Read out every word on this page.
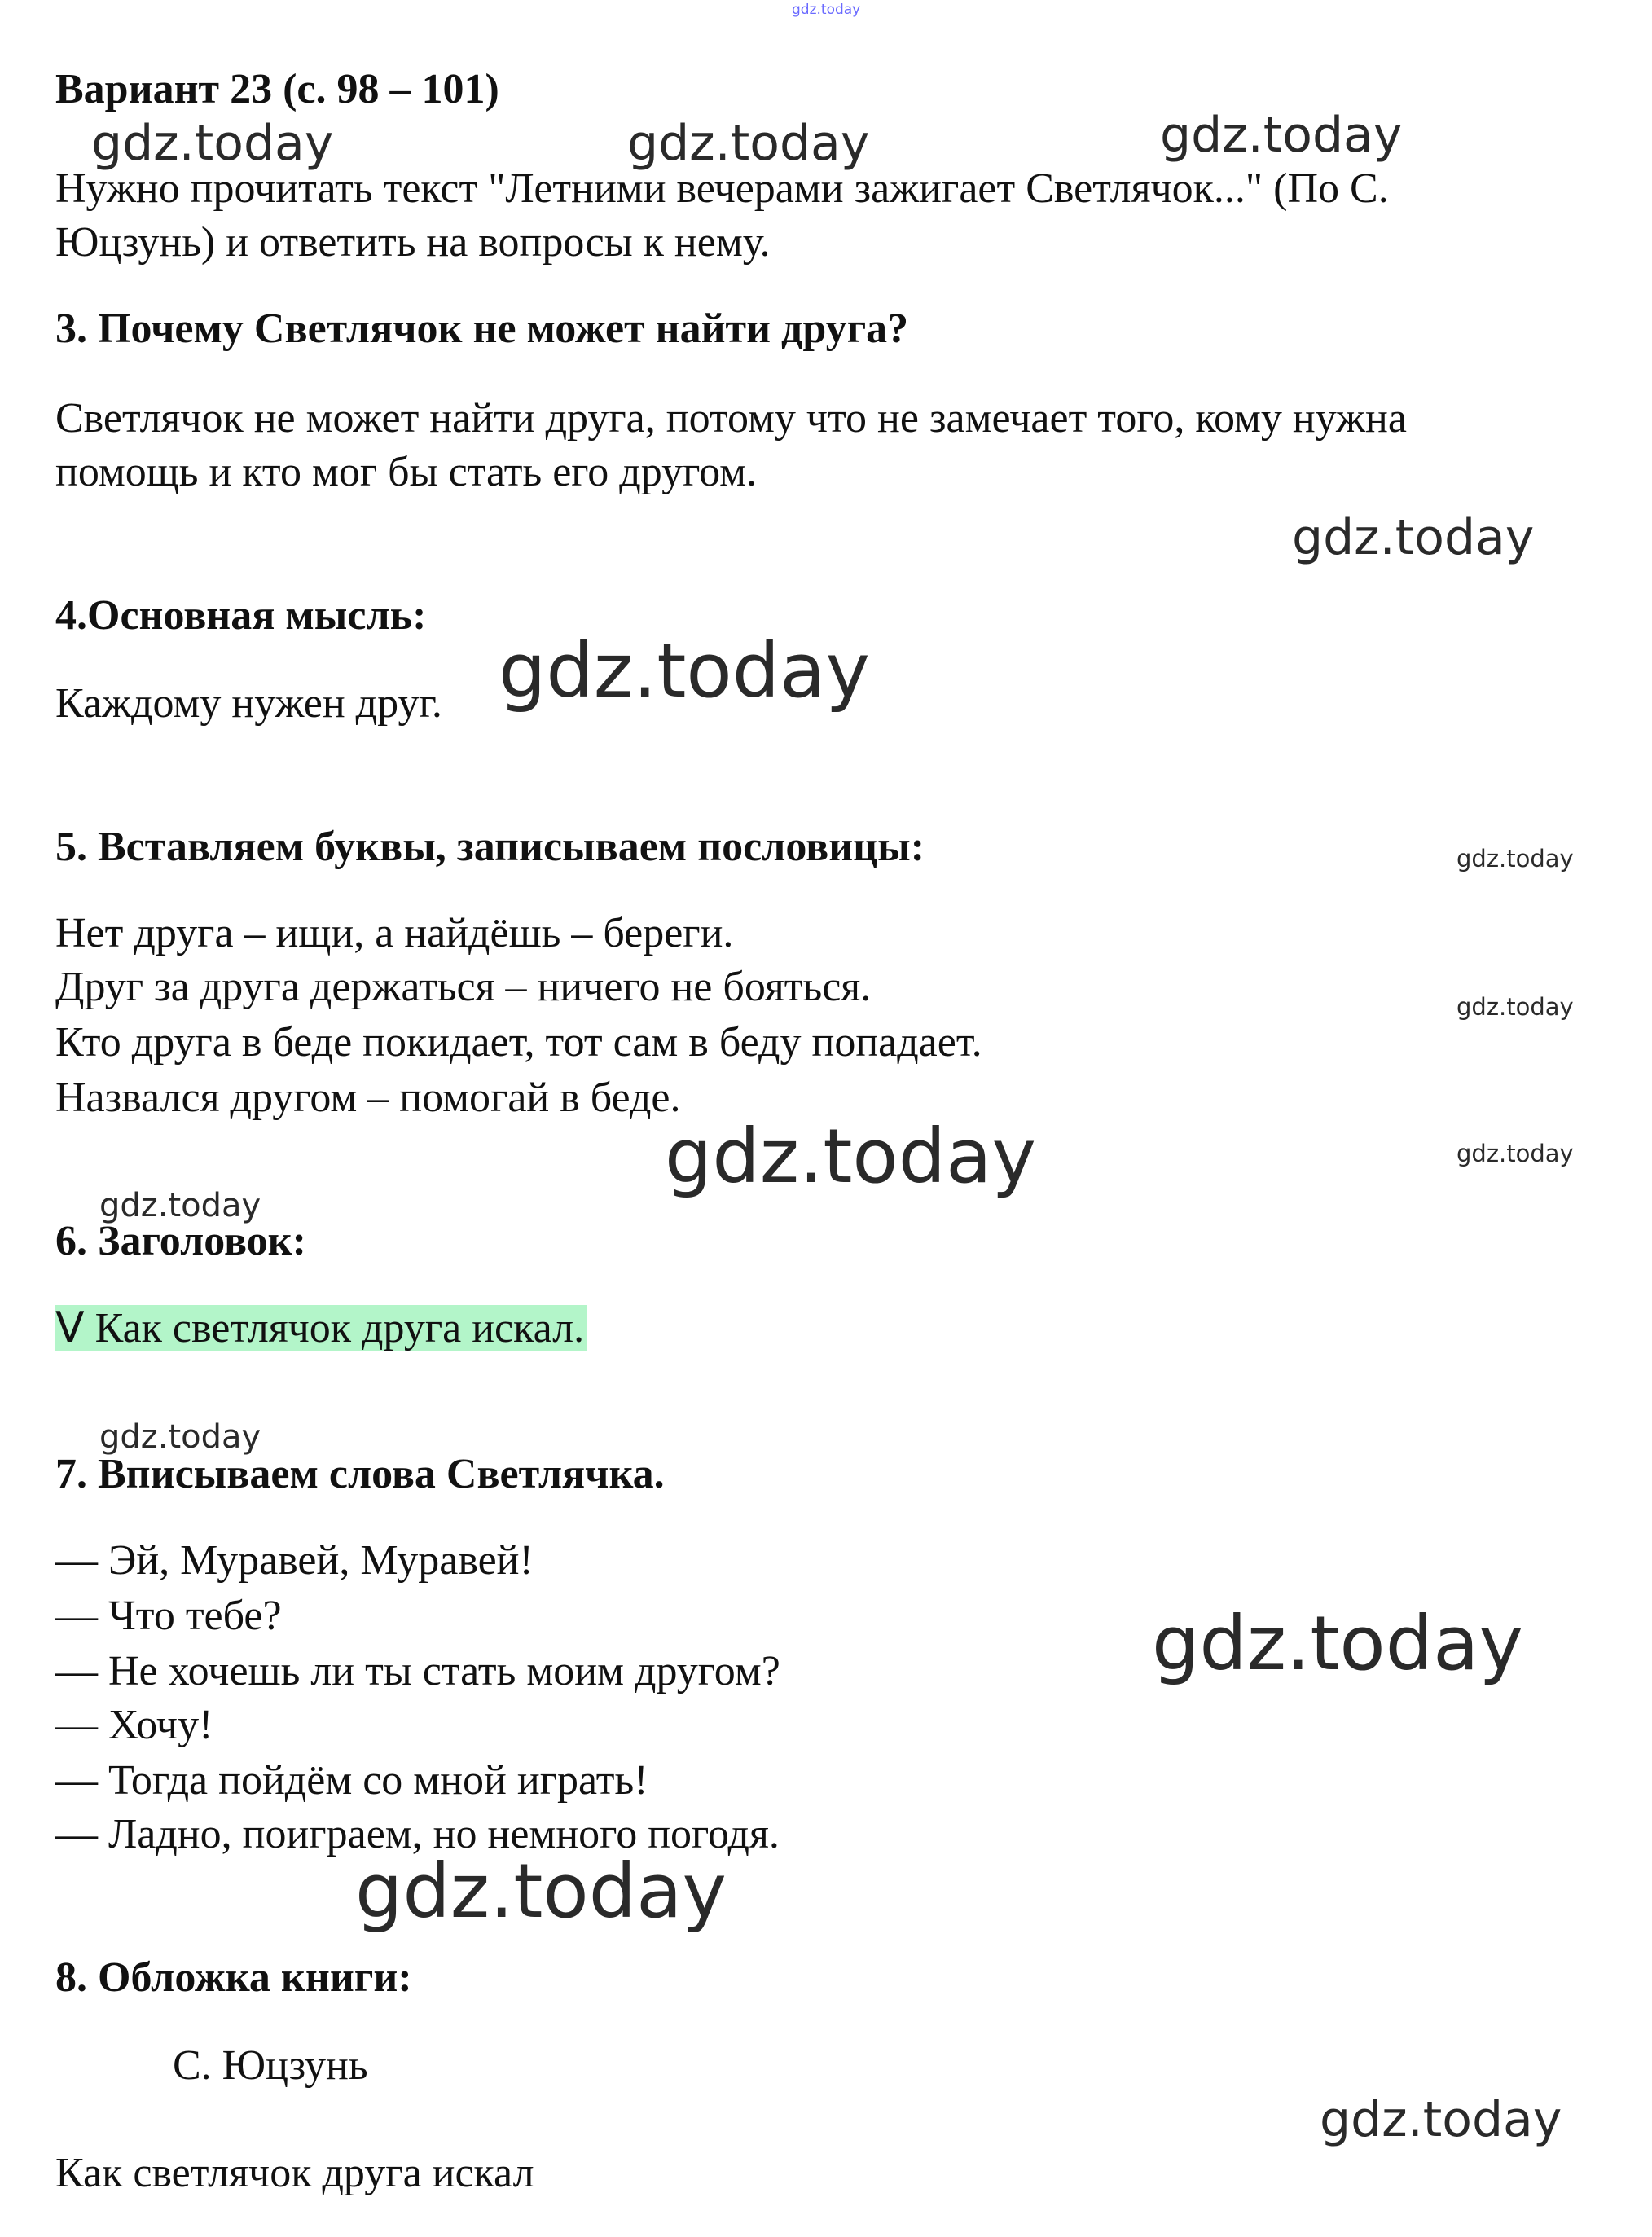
gdz.today

Вариант 23 (с. 98 – 101)

Нужно прочитать текст "Летними вечерами зажигает Светлячок..." (По С.

Юцзунь) и ответить на вопросы к нему.

3. Почему Светлячок не может найти друга?

Светлячок не может найти друга, потому что не замечает того, кому нужна

помощь и кто мог бы стать его другом.

4.Основная мысль:

Каждому нужен друг.

5. Вставляем буквы, записываем пословицы:

Нет друга – ищи, а найдёшь – береги.

Друг за друга держаться – ничего не бояться.

Кто друга в беде покидает, тот сам в беду попадает.

Назвался другом – помогай в беде.

6. Заголовок:

V Как светлячок друга искал.

7. Вписываем слова Светлячка.

— Эй, Муравей, Муравей!

— Что тебе?

— Не хочешь ли ты стать моим другом?

— Хочу!

— Тогда пойдём со мной играть!

— Ладно, поиграем, но немного погодя.

8. Обложка книги:

С. Юцзунь

Как светлячок друга искал

gdz.today	gdz.today	gdz.today
gdz.today
gdz.today
gdz.today
gdz.today
gdz.today
gdz.today
gdz.today
gdz.today
gdz.today
gdz.today
gdz.today
